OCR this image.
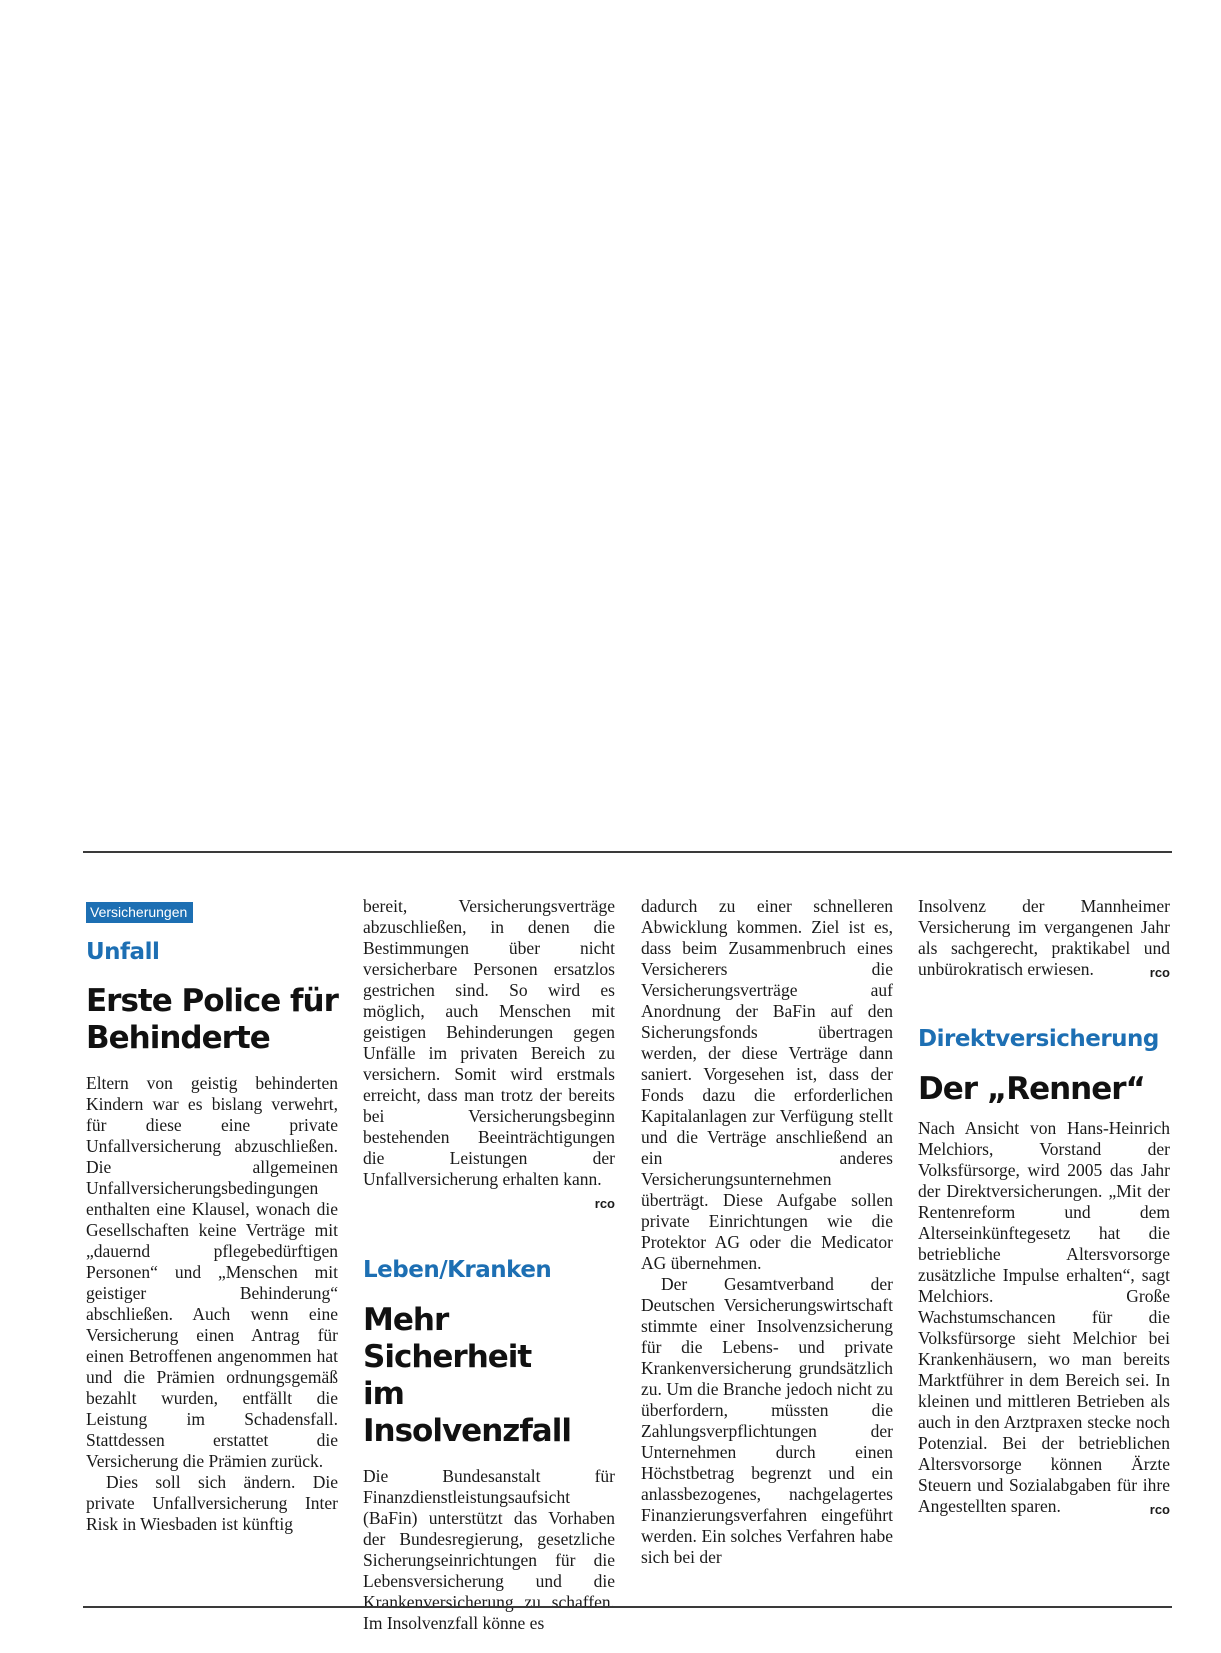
Versicherungen
Unfall
Erste Police für
Behinderte

Eltern von geistig behinderten Kindern war es bislang verwehrt, für diese eine private Unfallversicherung abzuschließen. Die allgemeinen Unfallversicherungsbedingungen enthalten eine Klausel, wonach die Gesellschaften keine Verträge mit „dauernd pflegebedürftigen Personen“ und „Menschen mit geistiger Behinderung“ abschließen. Auch wenn eine Versicherung einen Antrag für einen Betroffenen angenommen hat und die Prämien ordnungsgemäß bezahlt wurden, entfällt die Leistung im Schadensfall. Stattdessen erstattet die Versicherung die Prämien zurück.

Dies soll sich ändern. Die private Unfallversicherung Inter Risk in Wiesbaden ist künftig

bereit, Versicherungsverträge abzuschließen, in denen die Bestimmungen über nicht versicherbare Personen ersatzlos gestrichen sind. So wird es möglich, auch Menschen mit geistigen Behinderungen gegen Unfälle im privaten Bereich zu versichern. Somit wird erstmals erreicht, dass man trotz der bereits bei Versicherungsbeginn bestehenden Beeinträchtigungen die Leistungen der Unfallversicherung erhalten kann.
rco

Leben/Kranken
Mehr Sicherheit
im Insolvenzfall

Die Bundesanstalt für Finanzdienstleistungsaufsicht (BaFin) unterstützt das Vorhaben der Bundesregierung, gesetzliche Sicherungseinrichtungen für die Lebensversicherung und die Krankenversicherung zu schaffen. Im Insolvenzfall könne es

dadurch zu einer schnelleren Abwicklung kommen. Ziel ist es, dass beim Zusammenbruch eines Versicherers die Versicherungsverträge auf Anordnung der BaFin auf den Sicherungsfonds übertragen werden, der diese Verträge dann saniert. Vorgesehen ist, dass der Fonds dazu die erforderlichen Kapitalanlagen zur Verfügung stellt und die Verträge anschließend an ein anderes Versicherungsunternehmen überträgt. Diese Aufgabe sollen private Einrichtungen wie die Protektor AG oder die Medicator AG übernehmen.

Der Gesamtverband der Deutschen Versicherungswirtschaft stimmte einer Insolvenzsicherung für die Lebens- und private Krankenversicherung grundsätzlich zu. Um die Branche jedoch nicht zu überfordern, müssten die Zahlungsverpflichtungen der Unternehmen durch einen Höchstbetrag begrenzt und ein anlassbezogenes, nachgelagertes Finanzierungsverfahren eingeführt werden. Ein solches Verfahren habe sich bei der

Insolvenz der Mannheimer Versicherung im vergangenen Jahr als sachgerecht, praktikabel und unbürokratisch erwiesen.	rco

Direktversicherung
Der „Renner“

Nach Ansicht von Hans-Heinrich Melchiors, Vorstand der Volksfürsorge, wird 2005 das Jahr der Direktversicherungen. „Mit der Rentenreform und dem Alterseinkünftegesetz hat die betriebliche Altersvorsorge zusätzliche Impulse erhalten“, sagt Melchiors. Große Wachstumschancen für die Volksfürsorge sieht Melchior bei Krankenhäusern, wo man bereits Marktführer in dem Bereich sei. In kleinen und mittleren Betrieben als auch in den Arztpraxen stecke noch Potenzial. Bei der betrieblichen Altersvorsorge können Ärzte Steuern und Sozialabgaben für ihre Angestellten sparen.	rco
